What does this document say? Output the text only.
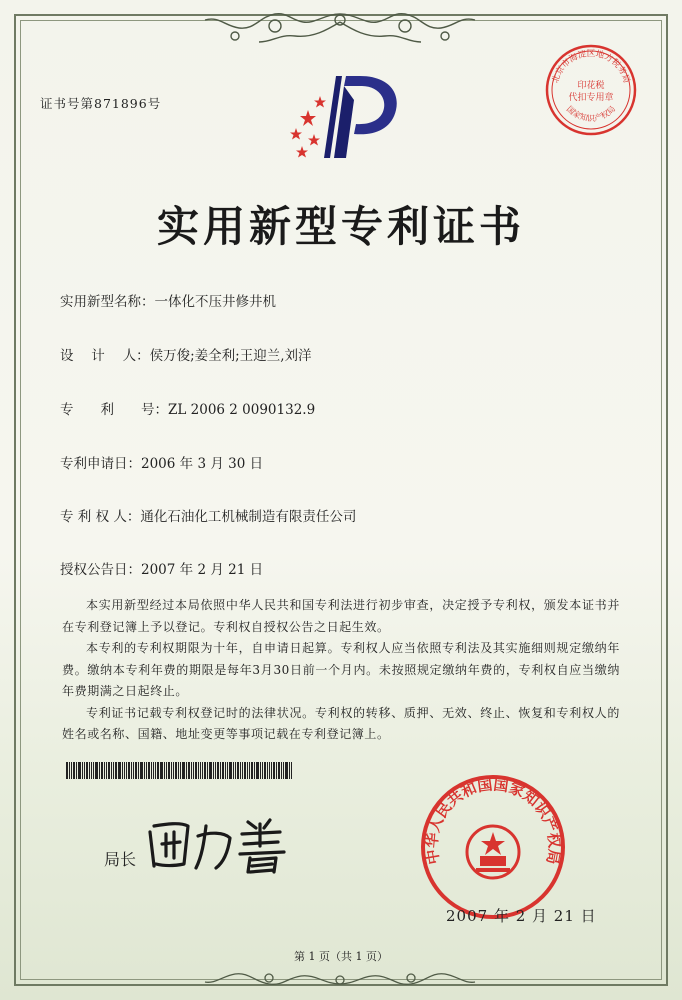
证书号第871896号
北京市海淀区地方税务局
印花税
代扣专用章
国家知识产权局
实用新型专利证书
实用新型名称：一体化不压井修井机
设　 计　 人：侯万俊;姜全利;王迎兰,刘洋
专　　利　　号：ZL 2006 2 0090132.9
专利申请日：2006 年 3 月 30 日
专 利 权 人：通化石油化工机械制造有限责任公司
授权公告日：2007 年 2 月 21 日

本实用新型经过本局依照中华人民共和国专利法进行初步审查，决定授予专利权，颁发本证书并在专利登记簿上予以登记。专利权自授权公告之日起生效。

本专利的专利权期限为十年，自申请日起算。专利权人应当依照专利法及其实施细则规定缴纳年费。缴纳本专利年费的期限是每年3月30日前一个月内。未按照规定缴纳年费的，专利权自应当缴纳年费期满之日起终止。

专利证书记载专利权登记时的法律状况。专利权的转移、质押、无效、终止、恢复和专利权人的姓名或名称、国籍、地址变更等事项记载在专利登记簿上。

局长	中华人民共和国国家知识产权局
2007 年 2 月 21 日
第 1 页（共 1 页）
